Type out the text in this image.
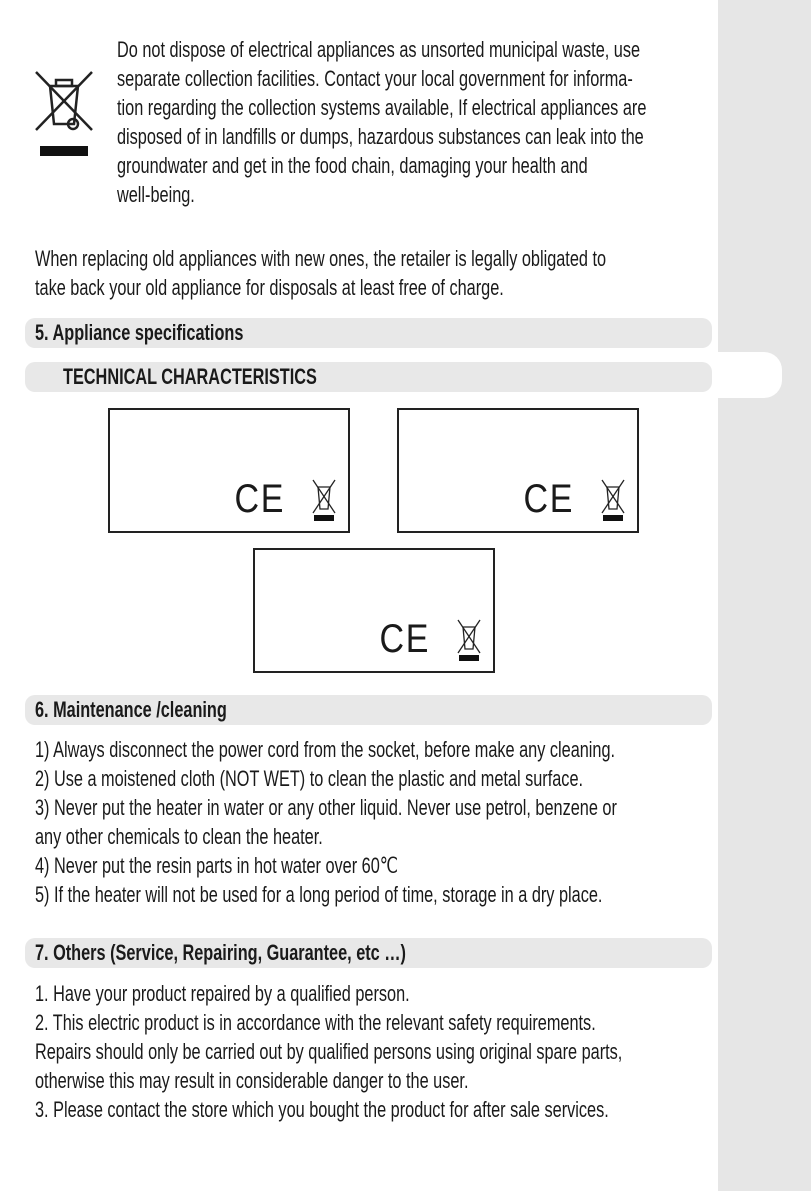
Do not dispose of electrical appliances as unsorted municipal waste, use
separate collection facilities. Contact your local government for informa-
tion regarding the collection systems available, If electrical appliances are
disposed of in landfills or dumps, hazardous substances can leak into the
groundwater and get in the food chain, damaging your health and
well-being.
When replacing old appliances with new ones, the retailer is legally obligated to
take back your old appliance for disposals at least free of charge.
5. Appliance specifications
TECHNICAL CHARACTERISTICS
CE	CE
CE
6. Maintenance /cleaning
1) Always disconnect the power cord from the socket, before make any cleaning.
2) Use a moistened cloth (NOT WET) to clean the plastic and metal surface.
3) Never put the heater in water or any other liquid. Never use petrol, benzene or
any other chemicals to clean the heater.
4) Never put the resin parts in hot water over 60℃
5) If the heater will not be used for a long period of time, storage in a dry place.
7. Others (Service, Repairing, Guarantee, etc …)
1. Have your product repaired by a qualified person.
2. This electric product is in accordance with the relevant safety requirements.
Repairs should only be carried out by qualified persons using original spare parts,
otherwise this may result in considerable danger to the user.
3. Please contact the store which you bought the product for after sale services.
